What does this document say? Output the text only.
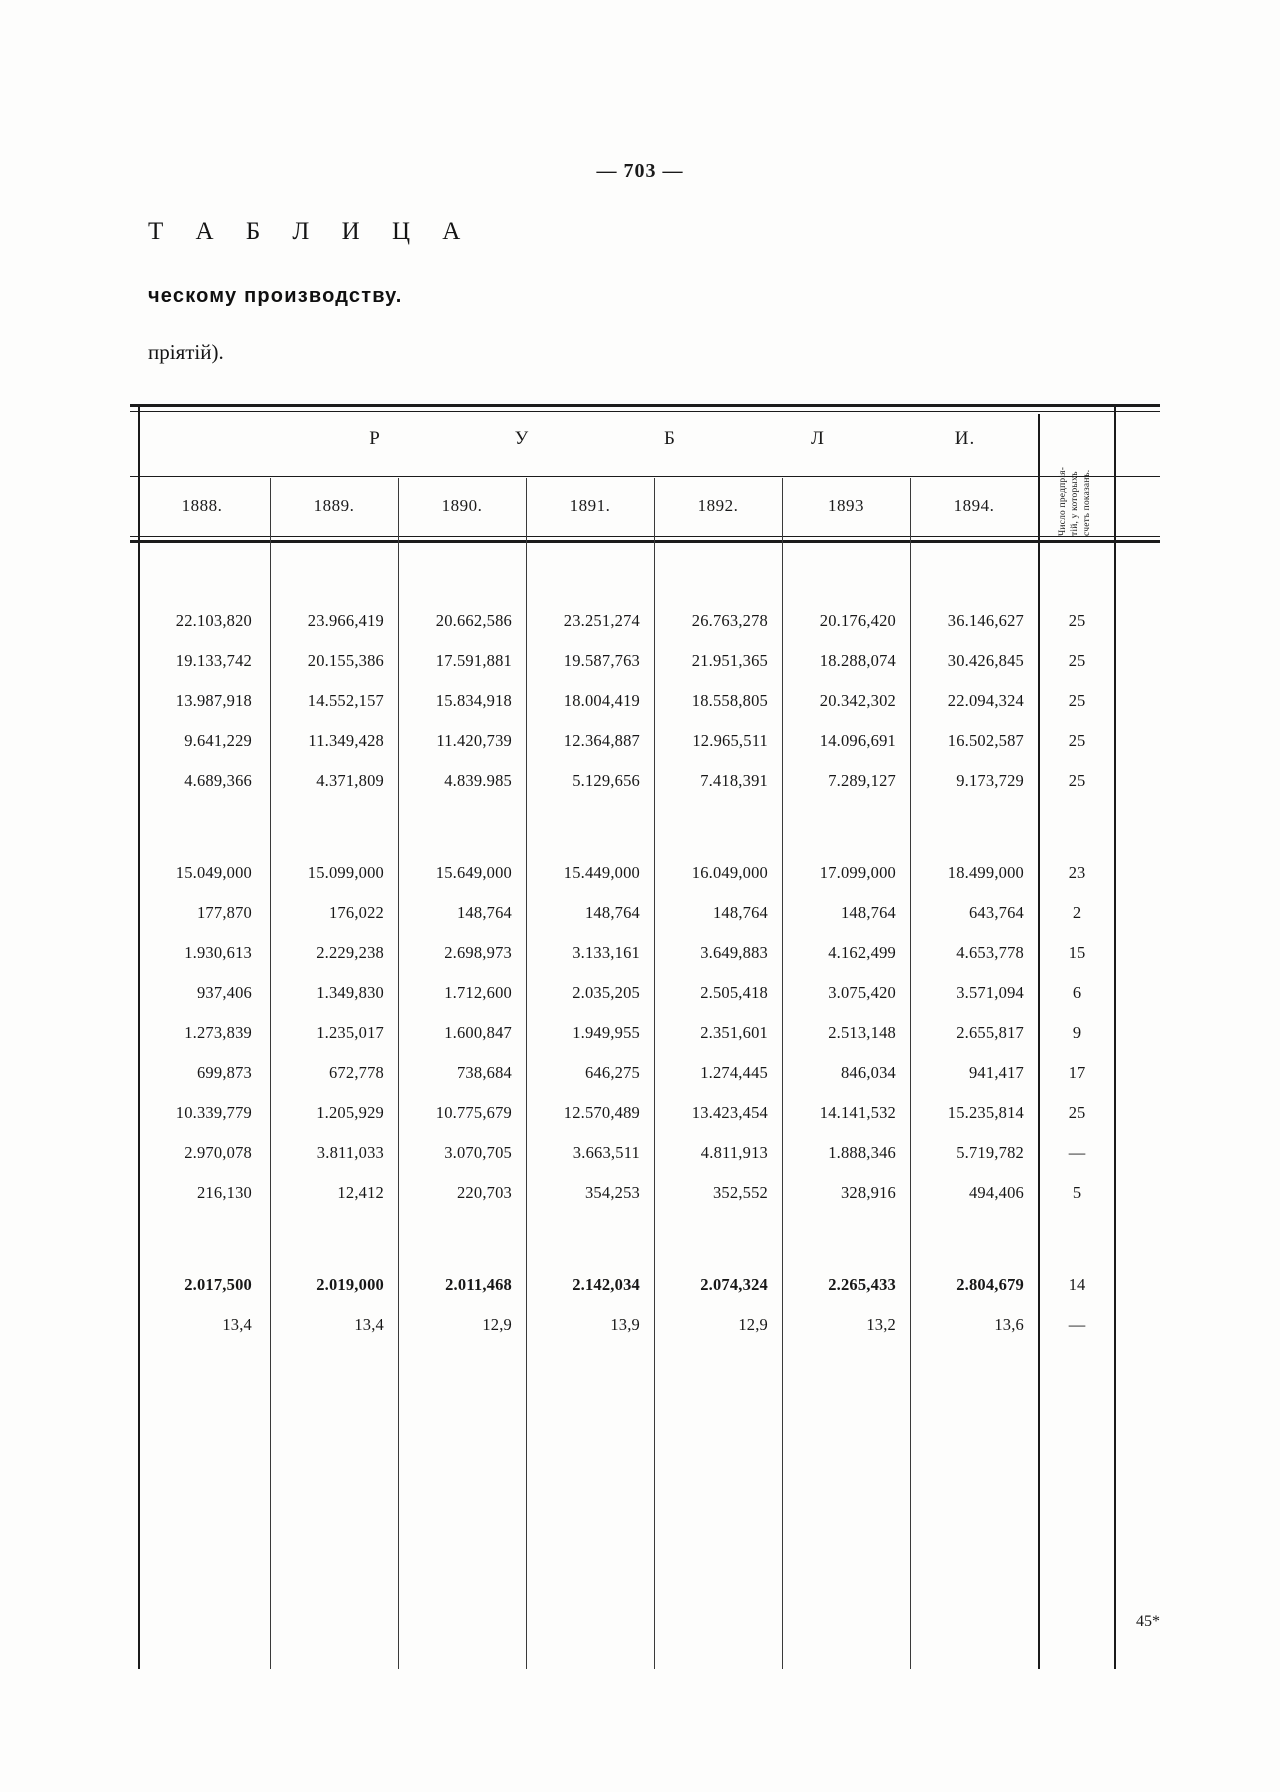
— 703 —
Т А Б Л И Ц А
ческому производству.
пріятій).
Р	У	Б	Л	И.
1888.	1889.	1890.	1891.	1892.	1893	1894.	Число предпрія- тій, у которыхъ счетъ показанъ.
22.103,820	23.966,419	20.662,586	23.251,274	26.763,278	20.176,420	36.146,627	25
19.133,742	20.155,386	17.591,881	19.587,763	21.951,365	18.288,074	30.426,845	25
13.987,918	14.552,157	15.834,918	18.004,419	18.558,805	20.342,302	22.094,324	25
9.641,229	11.349,428	11.420,739	12.364,887	12.965,511	14.096,691	16.502,587	25
4.689,366	4.371,809	4.839.985	5.129,656	7.418,391	7.289,127	9.173,729	25
15.049,000	15.099,000	15.649,000	15.449,000	16.049,000	17.099,000	18.499,000	23
177,870	176,022	148,764	148,764	148,764	148,764	643,764	2
1.930,613	2.229,238	2.698,973	3.133,161	3.649,883	4.162,499	4.653,778	15
937,406	1.349,830	1.712,600	2.035,205	2.505,418	3.075,420	3.571,094	6
1.273,839	1.235,017	1.600,847	1.949,955	2.351,601	2.513,148	2.655,817	9
699,873	672,778	738,684	646,275	1.274,445	846,034	941,417	17
10.339,779	1.205,929	10.775,679	12.570,489	13.423,454	14.141,532	15.235,814	25
2.970,078	3.811,033	3.070,705	3.663,511	4.811,913	1.888,346	5.719,782	—
216,130	12,412	220,703	354,253	352,552	328,916	494,406	5
2.017,500	2.019,000	2.011,468	2.142,034	2.074,324	2.265,433	2.804,679	14
13,4	13,4	12,9	13,9	12,9	13,2	13,6	—
45*
